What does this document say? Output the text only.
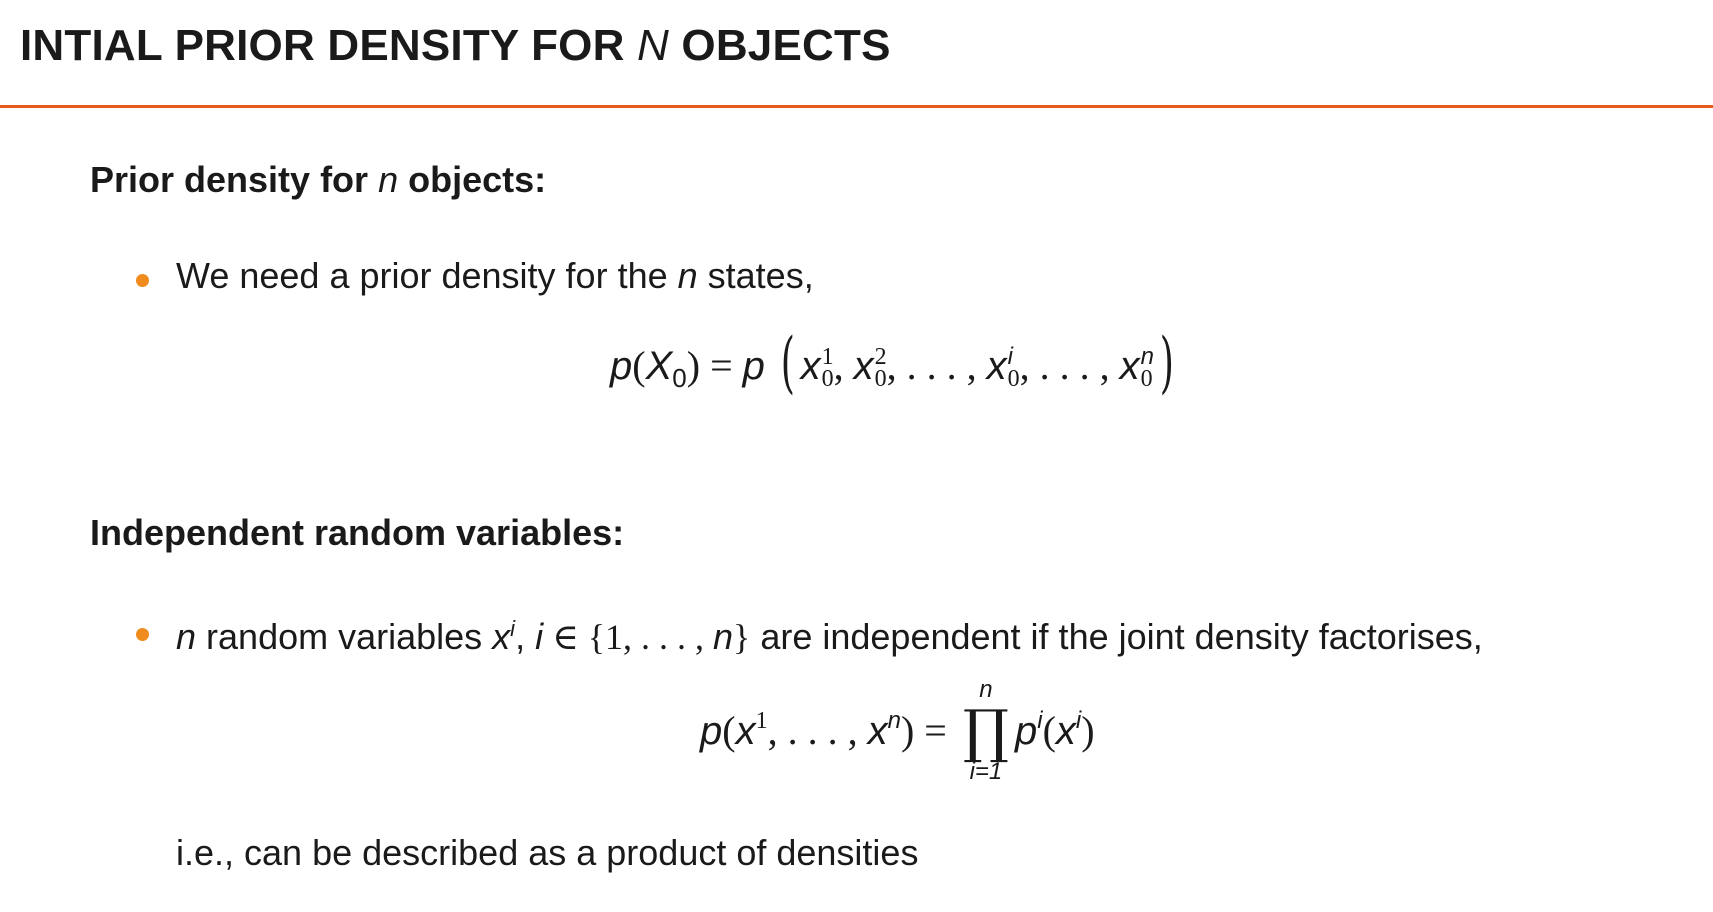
INTIAL PRIOR DENSITY FOR N OBJECTS
Prior density for n objects:
We need a prior density for the n states,
$p(X_0) = p$ ( x 1
0 , x 2
0 , . . . , x i
0 , . . . , x n
0 )
Independent random variables:
n random variables $x^i$, i ∈ {1, . . . , n} are independent if the joint density factorises,
$p(x^1$, . . . , $x^n$) =
n
∏
i=1
$p^i(x^i)$
i.e., can be described as a product of densities
